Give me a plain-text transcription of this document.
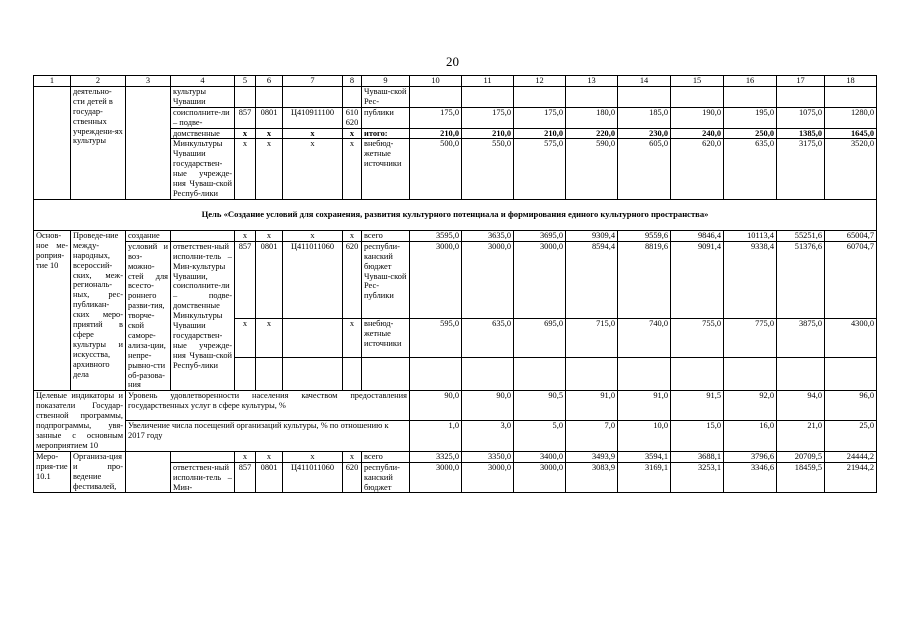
20
1	2	3	4	5	6	7	8	9	10	11	12	13	14	15	16	17	18
	деятельно-сти детей в государ-ственных учреждени-ях культуры		культуры Чувашии					Чуваш-ской Рес-									
			соисполните-ли – подве-	857	0801	Ц410911100	610 620	публики	175,0	175,0	175,0	180,0	185,0	190,0	195,0	1075,0	1280,0
			домственные	x	x	x	x	итого:	210,0	210,0	210,0	220,0	230,0	240,0	250,0	1385,0	1645,0
			Минкультуры Чувашии государствен-ные учрежде-ния Чуваш-ской Респуб-лики	x	x	x	x	внебюд-жетные источники	500,0	550,0	575,0	590,0	605,0	620,0	635,0	3175,0	3520,0
Цель «Создание условий для сохранения, развития культурного потенциала и формирования единого культурного пространства»																	
Основ-ное ме-роприя-тие 10	Проведе-ние между-народных, всероссий-ских, меж-региональ-ных, рес-публикан-ских меро-приятий в сфере культуры и искусства, архивного дела	создание		x	x	x	x	всего	3595,0	3635,0	3695,0	9309,4	9559,6	9846,4	10113,4	55251,6	65004,7
		условий и воз-можно-стей для всесто-роннего разви-тия, творче-ской саморе-ализа-ции, непре-рывно-сти об-разова-ния	ответствен-ный исполни-тель – Мин-культуры Чувашии, соисполните-ли – подве-домственные Минкультуры Чувашии государствен-ные учрежде-ния Чуваш-ской Респуб-лики	857	0801	Ц411011060	620	республи-канский бюджет Чуваш-ской Рес-публики	3000,0	3000,0	3000,0	8594,4	8819,6	9091,4	9338,4	51376,6	60704,7
				x	x		x	внебюд-жетные источники	595,0	635,0	695,0	715,0	740,0	755,0	775,0	3875,0	4300,0

Целевые индикаторы и показатели Государ-ственной программы, подпрограммы, увя-занные с основным мероприятием 10		Уровень удовлетворенности населения качеством предоставления государственных услуг в сфере культуры, %							90,0	90,0	90,5	91,0	91,0	91,5	92,0	94,0	96,0
		Увеличение числа посещений организаций культуры, % по отношению к 2017 году							1,0	3,0	5,0	7,0	10,0	15,0	16,0	21,0	25,0
Меро-прия-тие 10.1	Организа-ция и про-ведение фестивалей,			x	x	x	x	всего	3325,0	3350,0	3400,0	3493,9	3594,1	3688,1	3796,6	20709,5	24444,2
			ответствен-ный исполни-тель – Мин-	857	0801	Ц411011060	620	республи-канский бюджет	3000,0	3000,0	3000,0	3083,9	3169,1	3253,1	3346,6	18459,5	21944,2
